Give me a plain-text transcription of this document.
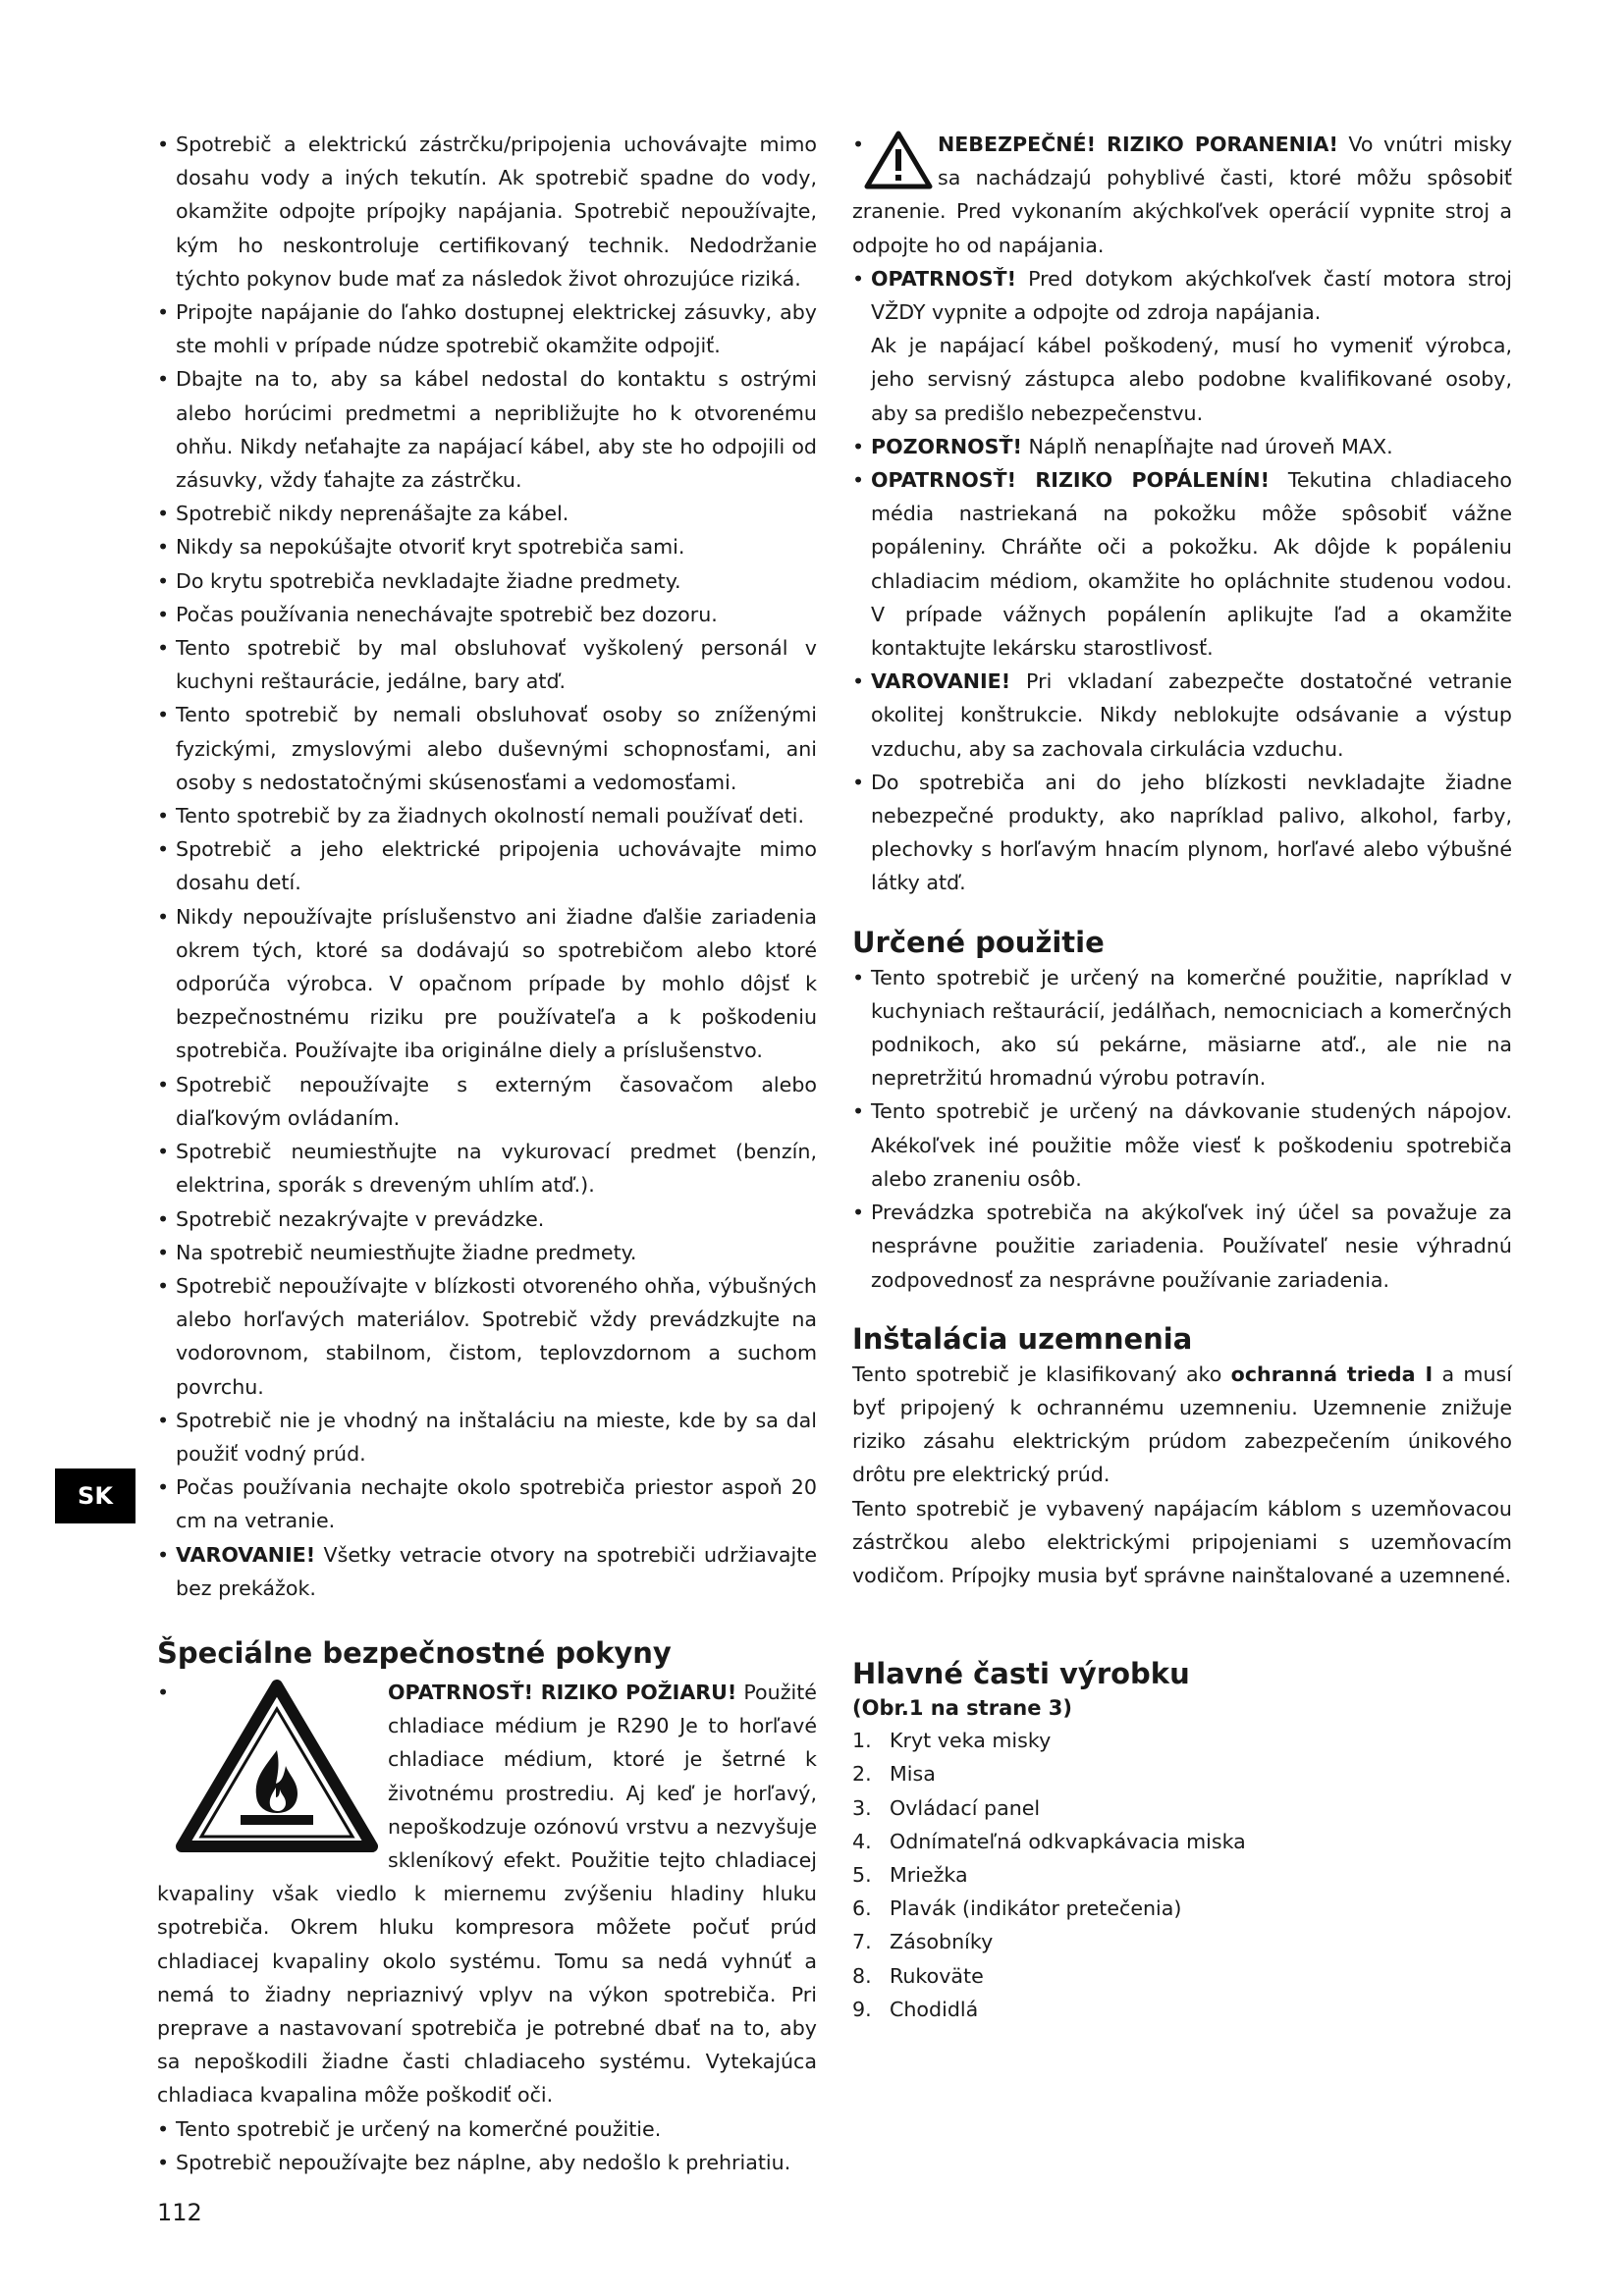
• Spotrebič a elektrickú zástrčku/pripojenia uchovávajte mimo dosahu vody a iných tekutín. Ak spotrebič spadne do vody, okamžite odpojte prípojky napájania. Spotrebič nepoužívajte, kým ho neskontroluje certifikovaný technik. Nedodržanie týchto pokynov bude mať za následok život ohrozujúce riziká.

• Pripojte napájanie do ľahko dostupnej elektrickej zásuvky, aby ste mohli v prípade núdze spotrebič okamžite odpojiť.

• Dbajte na to, aby sa kábel nedostal do kontaktu s ostrými alebo horúcimi predmetmi a nepribližujte ho k otvorenému ohňu. Nikdy neťahajte za napájací kábel, aby ste ho odpojili od zásuvky, vždy ťahajte za zástrčku.

• Spotrebič nikdy neprenášajte za kábel.

• Nikdy sa nepokúšajte otvoriť kryt spotrebiča sami.

• Do krytu spotrebiča nevkladajte žiadne predmety.

• Počas používania nenechávajte spotrebič bez dozoru.

• Tento spotrebič by mal obsluhovať vyškolený personál v kuchyni reštaurácie, jedálne, bary atď.

• Tento spotrebič by nemali obsluhovať osoby so zníženými fyzickými, zmyslovými alebo duševnými schopnosťami, ani osoby s nedostatočnými skúsenosťami a vedomosťami.

• Tento spotrebič by za žiadnych okolností nemali používať deti.

• Spotrebič a jeho elektrické pripojenia uchovávajte mimo dosahu detí.

• Nikdy nepoužívajte príslušenstvo ani žiadne ďalšie zariadenia okrem tých, ktoré sa dodávajú so spotrebičom alebo ktoré odporúča výrobca. V opačnom prípade by mohlo dôjsť k bezpečnostnému riziku pre používateľa a k poškodeniu spotrebiča. Používajte iba originálne diely a príslušenstvo.

• Spotrebič nepoužívajte s externým časovačom alebo diaľkovým ovládaním.

• Spotrebič neumiestňujte na vykurovací predmet (benzín, elektrina, sporák s dreveným uhlím atď.).

• Spotrebič nezakrývajte v prevádzke.

• Na spotrebič neumiestňujte žiadne predmety.

• Spotrebič nepoužívajte v blízkosti otvoreného ohňa, výbušných alebo horľavých materiálov. Spotrebič vždy prevádzkujte na vodorovnom, stabilnom, čistom, teplovzdornom a suchom povrchu.

• Spotrebič nie je vhodný na inštaláciu na mieste, kde by sa dal použiť vodný prúd.

• Počas používania nechajte okolo spotrebiča priestor aspoň 20 cm na vetranie.

• VAROVANIE! Všetky vetracie otvory na spotrebiči udržiavajte bez prekážok.

Špeciálne bezpečnostné pokyny
•	OPATRNOSŤ! RIZIKO POŽIARU! Použité chladiace médium je R290 Je to horľavé chladiace médium, ktoré je šetrné k životnému prostrediu. Aj keď je horľavý, nepoškodzuje ozónovú vrstvu a nezvyšuje skleníkový efekt. Použitie tejto chladiacej kvapaliny však viedlo k miernemu zvýšeniu hladiny hluku spotrebiča. Okrem hluku kompresora môžete počuť prúd chladiacej kvapaliny okolo systému. Tomu sa nedá vyhnúť a nemá to žiadny nepriaznivý vplyv na výkon spotrebiča. Pri preprave a nastavovaní spotrebiča je potrebné dbať na to, aby sa nepoškodili žiadne časti chladiaceho systému. Vytekajúca chladiaca kvapalina môže poškodiť oči.

• Tento spotrebič je určený na komerčné použitie.

• Spotrebič nepoužívajte bez náplne, aby nedošlo k prehriatiu.

•	NEBEZPEČNÉ! RIZIKO PORANENIA! Vo vnútri misky sa nachádzajú pohyblivé časti, ktoré môžu spôsobiť zranenie. Pred vykonaním akýchkoľvek operácií vypnite stroj a odpojte ho od napájania.

• OPATRNOSŤ! Pred dotykom akýchkoľvek častí motora stroj VŽDY vypnite a odpojte od zdroja napájania.

Ak je napájací kábel poškodený, musí ho vymeniť výrobca, jeho servisný zástupca alebo podobne kvalifikované osoby, aby sa predišlo nebezpečenstvu.

• POZORNOSŤ! Náplň nenapĺňajte nad úroveň MAX.

• OPATRNOSŤ! RIZIKO POPÁLENÍN! Tekutina chladiaceho média nastriekaná na pokožku môže spôsobiť vážne popáleniny. Chráňte oči a pokožku. Ak dôjde k popáleniu chladiacim médiom, okamžite ho opláchnite studenou vodou. V prípade vážnych popálenín aplikujte ľad a okamžite kontaktujte lekársku starostlivosť.

• VAROVANIE! Pri vkladaní zabezpečte dostatočné vetranie okolitej konštrukcie. Nikdy neblokujte odsávanie a výstup vzduchu, aby sa zachovala cirkulácia vzduchu.

• Do spotrebiča ani do jeho blízkosti nevkladajte žiadne nebezpečné produkty, ako napríklad palivo, alkohol, farby, plechovky s horľavým hnacím plynom, horľavé alebo výbušné látky atď.

Určené použitie

• Tento spotrebič je určený na komerčné použitie, napríklad v kuchyniach reštaurácií, jedálňach, nemocniciach a komerčných podnikoch, ako sú pekárne, mäsiarne atď., ale nie na nepretržitú hromadnú výrobu potravín.

• Tento spotrebič je určený na dávkovanie studených nápojov. Akékoľvek iné použitie môže viesť k poškodeniu spotrebiča alebo zraneniu osôb.

• Prevádzka spotrebiča na akýkoľvek iný účel sa považuje za nesprávne použitie zariadenia. Používateľ nesie výhradnú zodpovednosť za nesprávne používanie zariadenia.

Inštalácia uzemnenia

Tento spotrebič je klasifikovaný ako ochranná trieda I a musí byť pripojený k ochrannému uzemneniu. Uzemnenie znižuje riziko zásahu elektrickým prúdom zabezpečením únikového drôtu pre elektrický prúd.

Tento spotrebič je vybavený napájacím káblom s uzemňovacou zástrčkou alebo elektrickými pripojeniami s uzemňovacím vodičom. Prípojky musia byť správne nainštalované a uzemnené.

Hlavné časti výrobku

(Obr.1 na strane 3)

1. Kryt veka misky
2. Misa
3. Ovládací panel
4. Odnímateľná odkvapkávacia miska
5. Mriežka
6. Plavák (indikátor pretečenia)
7. Zásobníky
8. Rukoväte
9. Chodidlá
SK
112
